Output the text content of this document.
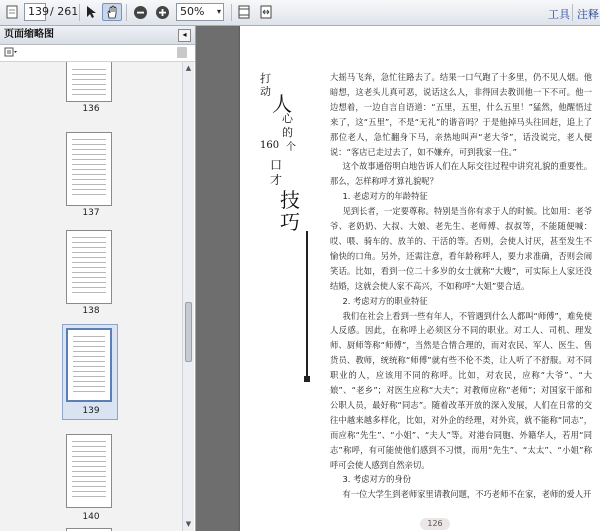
139 / 261	50% ▾	工具 注释
页面缩略图	◂
136
137
138
139
140
▲
▼
打
动
人
心
的
160 个
口
才
技
巧

大摇马飞奔，急忙往路去了。结果一口气跑了十多里，仍不见人烟。他暗想，这老头儿真可恶，说话这么人，非得回去教训他一下不可。他一边想着，一边自言自语道：“五里，五里，什么五里！”猛然，他醒悟过来了，这“五里”，不是“无礼”的谐音吗？于是他掉马头往回赶，追上了那位老人，急忙翻身下马，亲热地叫声“老大爷”，话没说完，老人便说：“客店已走过去了，如不嫌弃，可到我家一住。”

这个故事通俗明白地告诉人们在人际交往过程中讲究礼貌的重要性。那么，怎样称呼才算礼貌呢？

1. 老虑对方的年龄特征

见到长者，一定要尊称。特别是当你有求于人的时候。比如用：老爷爷、老奶奶、大叔、大娘、老先生、老师傅、叔叔等，不能随便喊：哎、喂、骑车的、放羊的、干活的等。否则，会使人讨厌，甚至发生不愉快的口角。另外，还需注意，看年龄称呼人，要力求准确，否则会闹笑话。比如，看到一位二十多岁的女士就称“大嫂”，可实际上人家还没结婚，这就会使人家不高兴，不如称呼“大姐”要合适。

2. 考虑对方的职业特征

我们在社会上看到一些有年人，不管遇到什么人都叫“师傅”，难免使人反感。因此，在称呼上必须区分不同的职业。对工人、司机、理发师、厨师等称“师傅”，当然是合情合理的，而对农民、军人、医生、售货员、教师，统统称“师傅”就有些不伦不类，让人听了不舒服。对不同职业的人，应该用不同的称呼。比如，对农民，应称“大爷”、“大娘”、“老乡”；对医生应称“大夫”；对教师应称“老师”；对国家干部和公职人员，最好称“同志”。随着改革开放的深入发展，人们在日常的交往中越来越多样化，比如，对外企的经理，对外宾，就不能称“同志”，而应称“先生”、“小姐”、“夫人”等。对港台同胞、外籍华人，若用“同志”称呼，有可能使他们感到不习惯，而用“先生”、“太太”、“小姐”称呼可会使人感到自然亲切。

3. 考虑对方的身份

有一位大学生到老师家里请教问题，不巧老师不在家，老师的爱人开

126
